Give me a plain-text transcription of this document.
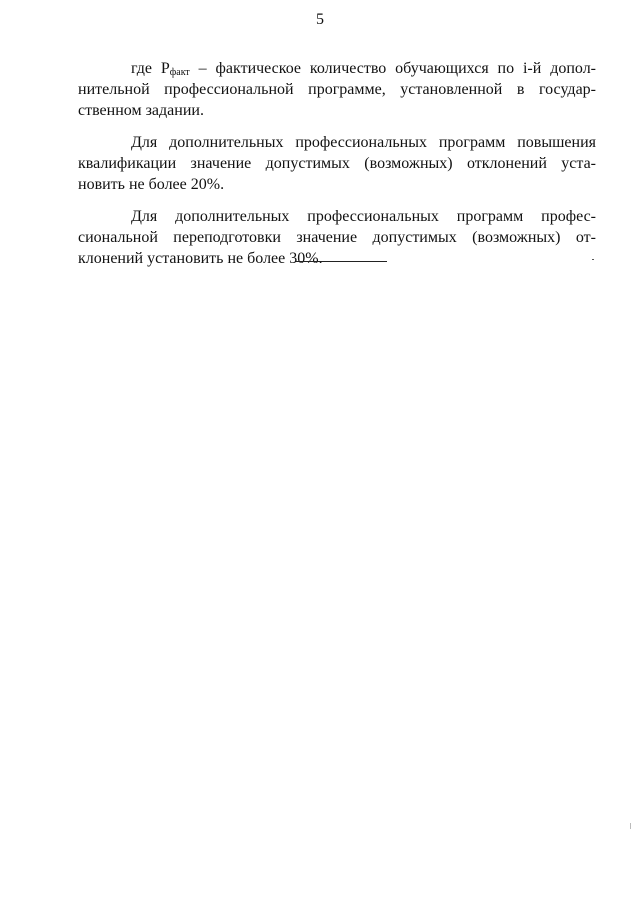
5

где $P_{факт}$ – фактическое количество обучающихся по i-й допол-
нительной профессиональной программе, установленной в государ-
ственном задании.

Для дополнительных профессиональных программ повышения
квалификации значение допустимых (возможных) отклонений уста-
новить не более 20%.

Для дополнительных профессиональных программ профес-
сиональной переподготовки значение допустимых (возможных) от-
клонений установить не более 30%.
